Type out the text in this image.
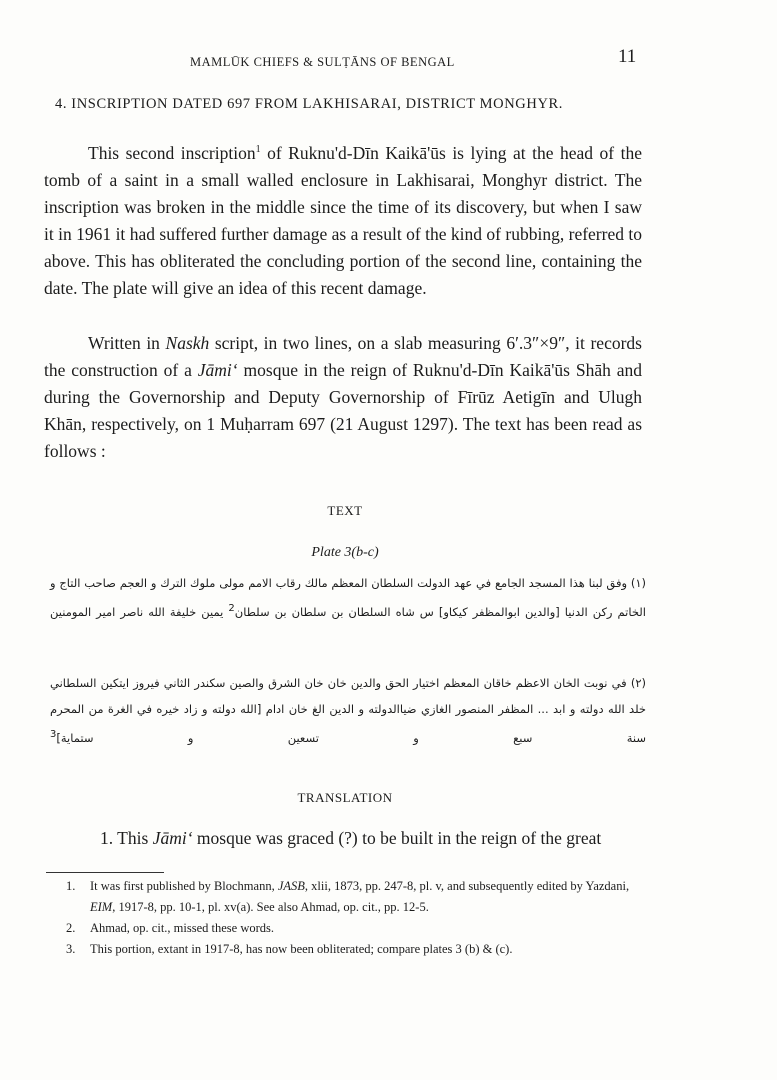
MAMLŪK CHIEFS & SULṬĀNS OF BENGAL	11
4. INSCRIPTION DATED 697 FROM LAKHISARAI, DISTRICT MONGHYR.

This second inscription$^1$ of Ruknu'd-Dīn Kaikā'ūs is lying at the head of the tomb of a saint in a small walled enclosure in Lakhisarai, Monghyr district. The inscription was broken in the middle since the time of its discovery, but when I saw it in 1961 it had suffered further damage as a result of the kind of rubbing, referred to above. This has obliterated the concluding portion of the second line, containing the date. The plate will give an idea of this recent damage.

Written in Naskh script, in two lines, on a slab measuring 6′.3″×9″, it records the construction of a Jāmi‘ mosque in the reign of Ruknu'd-Dīn Kaikā'ūs Shāh and during the Governorship and Deputy Governorship of Fīrūz Aetigīn and Ulugh Khān, respectively, on 1 Muḥarram 697 (21 August 1297). The text has been read as follows :

TEXT
Plate 3(b-c)

(١) وفق لبنا هذا المسجد الجامع في عهد الدولت السلطان المعظم مالك رقاب الامم مولى ملوك الترك و العجم صاحب التاج و الخاتم ركن الدنيا [والدين ابوالمظفر كيكاو] س شاه السلطان بن سلطان بن سلطان$^2$ يمين خليفة الله ناصر امير المومنين

(٢) في نوبت الخان الاعظم خاقان المعظم اختيار الحق والدين خان خان الشرق والصين سكندر الثاني فيروز ايتكين السلطاني خلد الله دولته و ابد ... المظفر المنصور الغازي ضياالدولته و الدين الغ خان ادام [الله دولته و زاد خيره في الغرة من المحرم سنة سبع و تسعين و ستماية]$^3$

TRANSLATION

1. This Jāmi‘ mosque was graced (?) to be built in the reign of the great

1. It was first published by Blochmann, JASB, xlii, 1873, pp. 247-8, pl. v, and subsequently edited by Yazdani, EIM, 1917-8, pp. 10-1, pl. xv(a). See also Ahmad, op. cit., pp. 12-5.
2. Ahmad, op. cit., missed these words.
3. This portion, extant in 1917-8, has now been obliterated; compare plates 3 (b) & (c).
